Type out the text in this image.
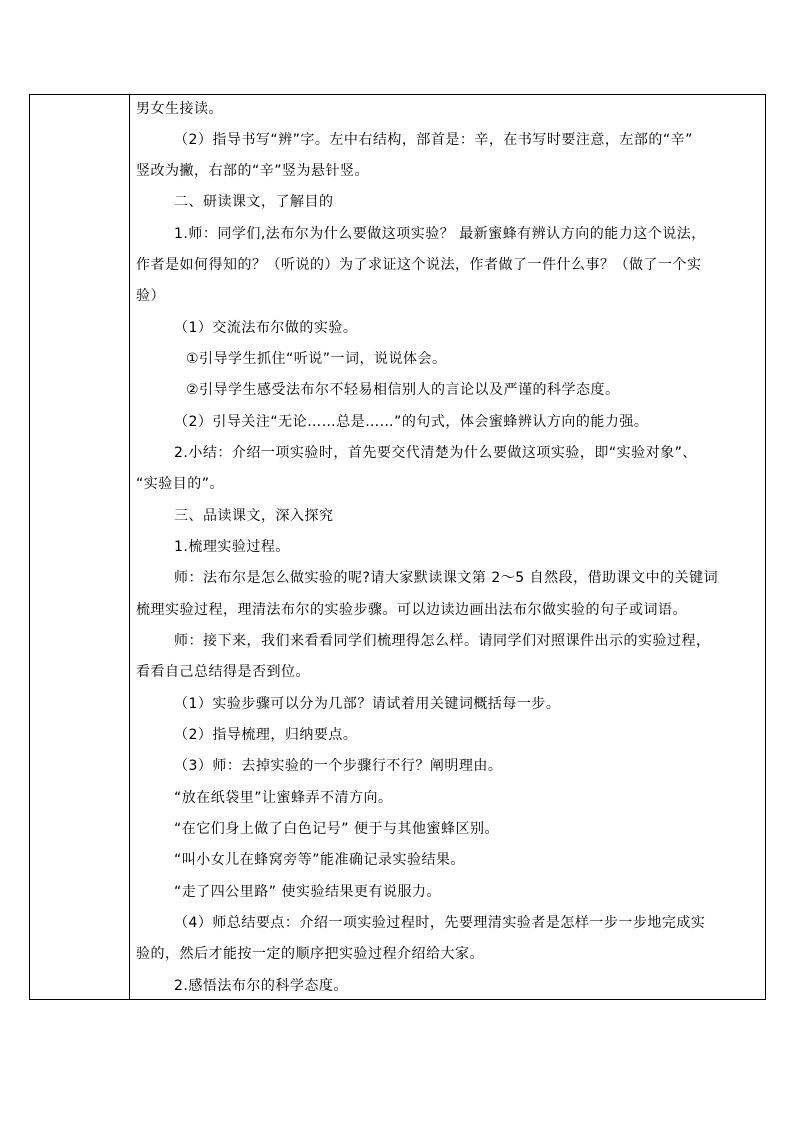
男女生接读。
（2）指导书写“辨”字。左中右结构，部首是：辛，在书写时要注意，左部的“辛”
竖改为撇，右部的“辛”竖为悬针竖。
二、研读课文，了解目的
1.师：同学们,法布尔为什么要做这项实验？ 最新蜜蜂有辨认方向的能力这个说法，
作者是如何得知的？（听说的）为了求证这个说法，作者做了一件什么事？（做了一个实
验）
（1）交流法布尔做的实验。
①引导学生抓住“听说”一词，说说体会。
②引导学生感受法布尔不轻易相信别人的言论以及严谨的科学态度。
（2）引导关注“无论……总是……”的句式，体会蜜蜂辨认方向的能力强。
2.小结：介绍一项实验时，首先要交代清楚为什么要做这项实验，即“实验对象”、
“实验目的”。
三、品读课文，深入探究
1.梳理实验过程。
师：法布尔是怎么做实验的呢?请大家默读课文第 2～5 自然段，借助课文中的关键词
梳理实验过程，理清法布尔的实验步骤。可以边读边画出法布尔做实验的句子或词语。
师：接下来，我们来看看同学们梳理得怎么样。请同学们对照课件出示的实验过程，
看看自己总结得是否到位。
（1）实验步骤可以分为几部？请试着用关键词概括每一步。
（2）指导梳理，归纳要点。
（3）师：去掉实验的一个步骤行不行？阐明理由。
“放在纸袋里”让蜜蜂弄不清方向。
“在它们身上做了白色记号” 便于与其他蜜蜂区别。
“叫小女儿在蜂窝旁等”能准确记录实验结果。
“走了四公里路” 使实验结果更有说服力。
（4）师总结要点：介绍一项实验过程时，先要理清实验者是怎样一步一步地完成实
验的，然后才能按一定的顺序把实验过程介绍给大家。
2.感悟法布尔的科学态度。
